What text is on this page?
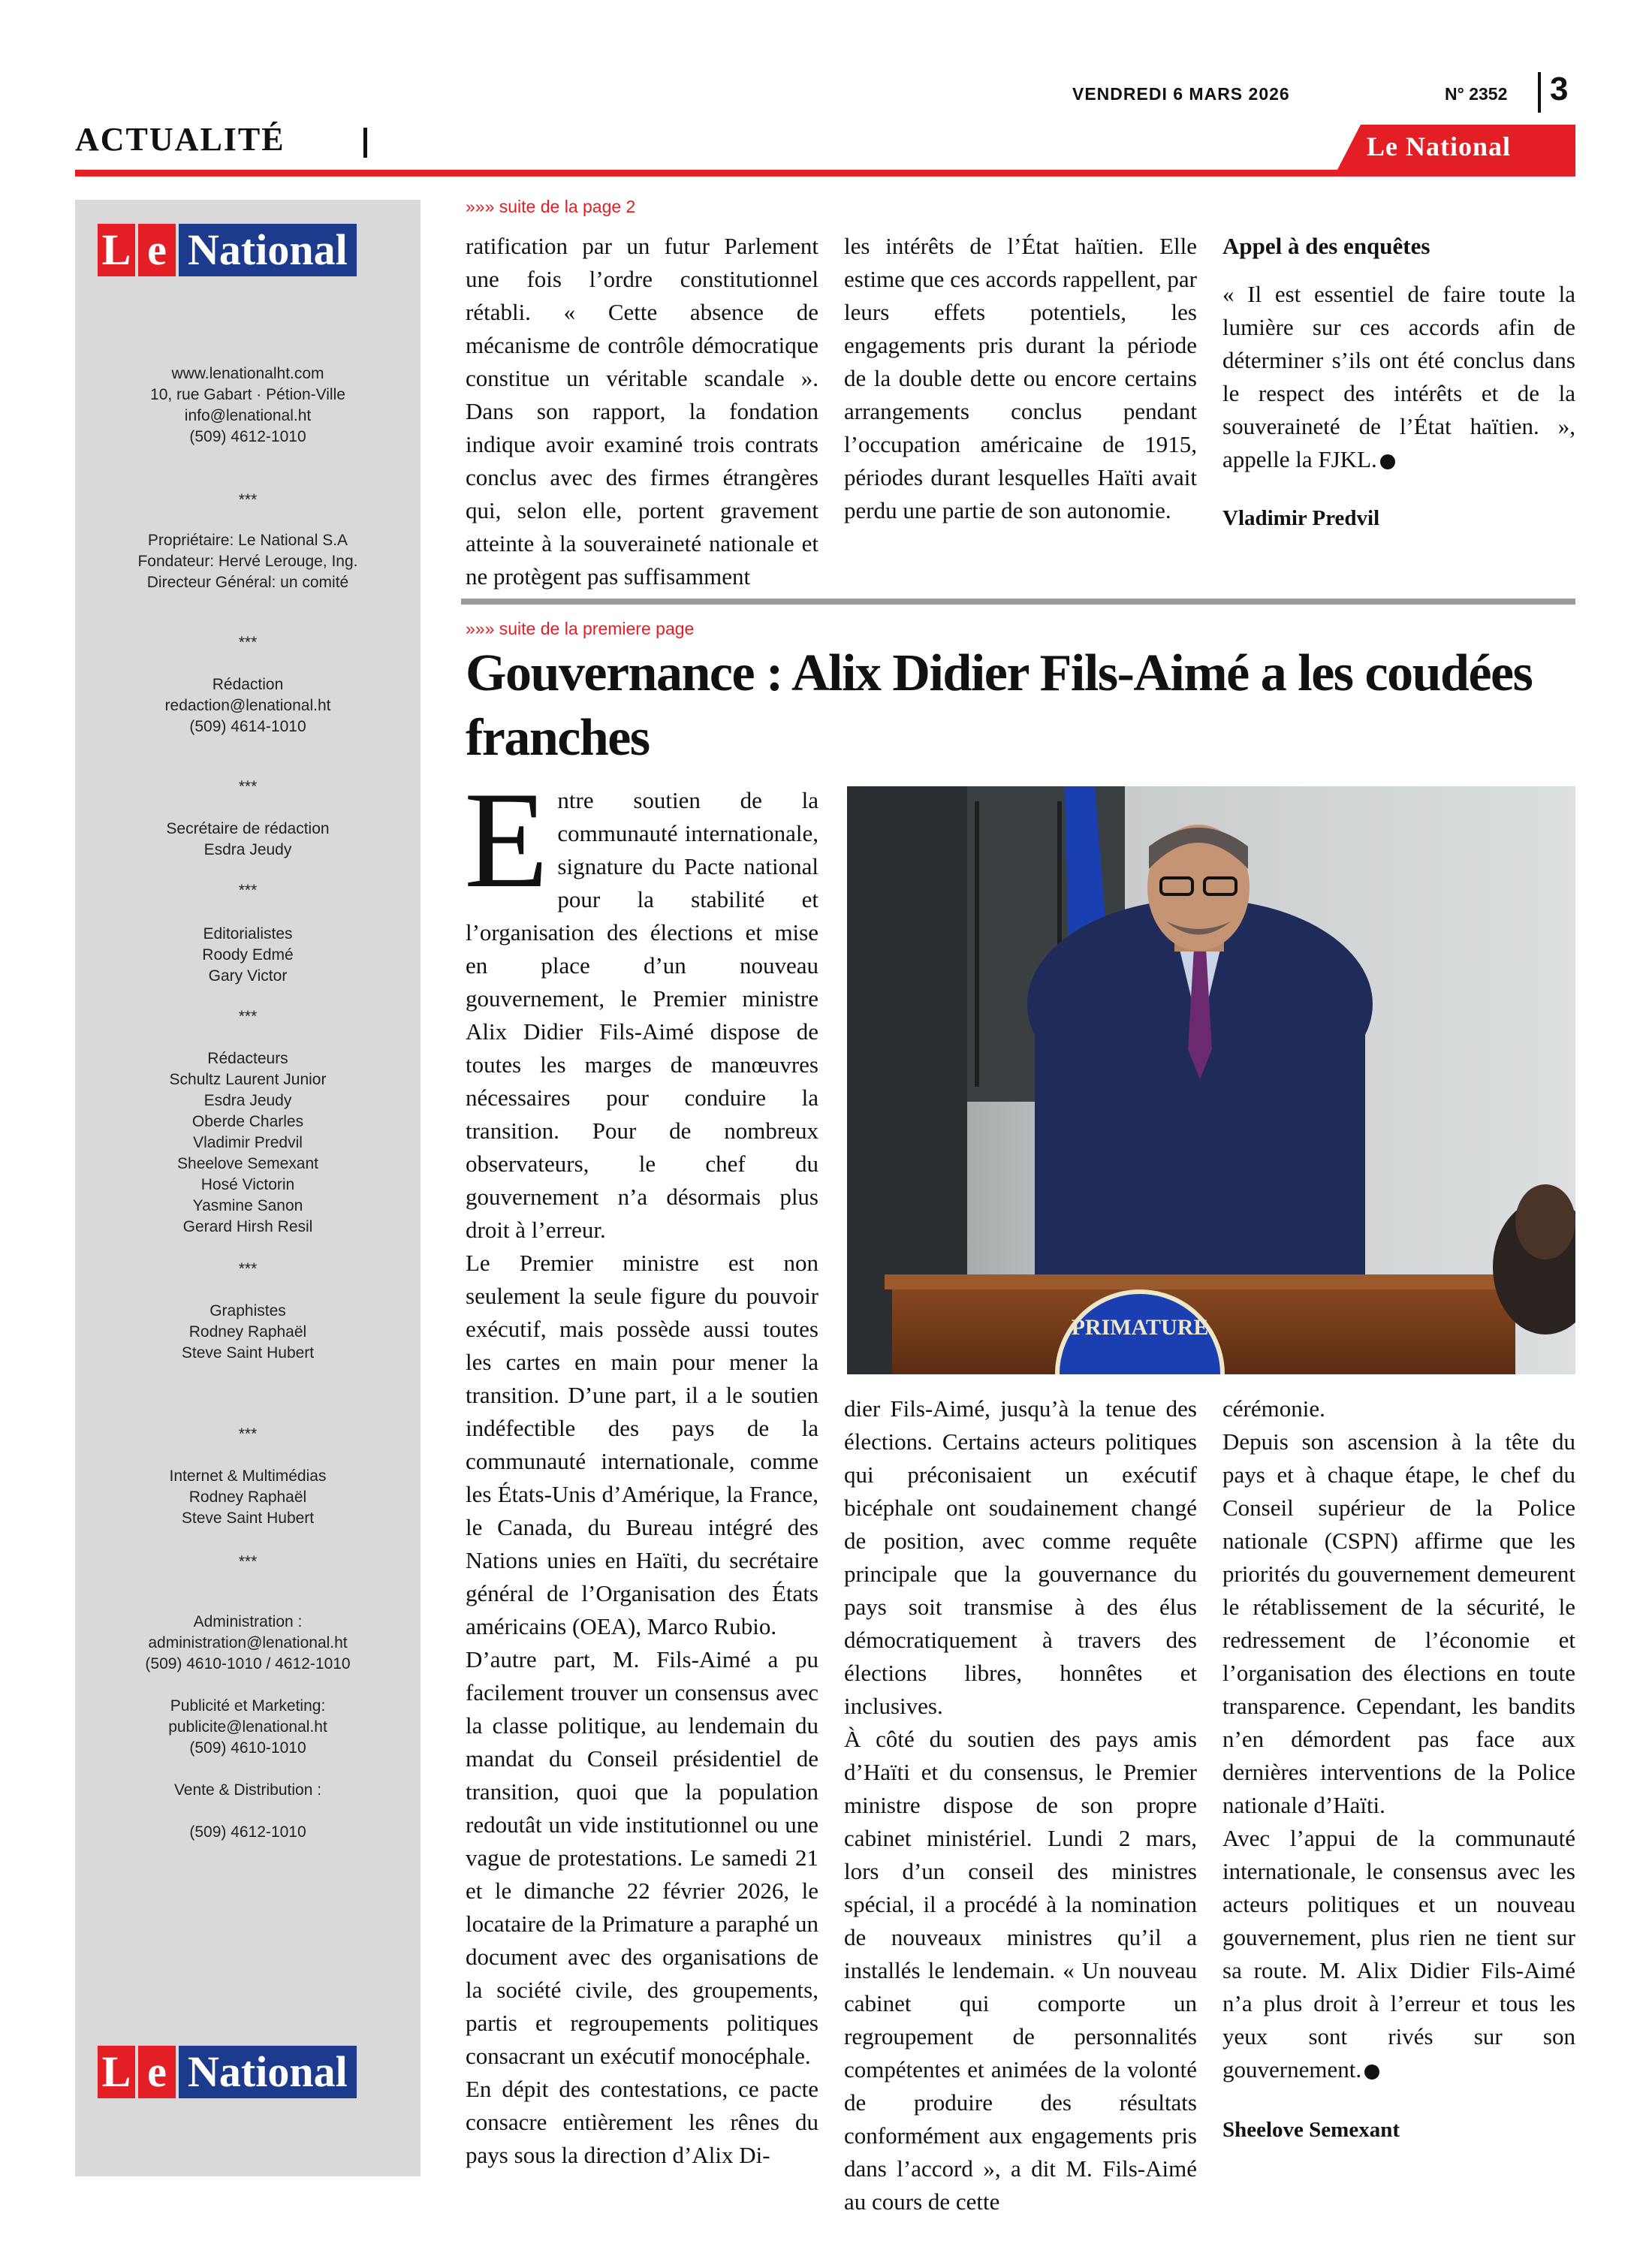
VENDREDI 6 MARS 2026	N° 2352 3
ACTUALITÉ	Le National
L e National

www.lenationalht.com

10, rue Gabart · Pétion-Ville

info@lenational.ht

(509) 4612-1010

***

Propriétaire: Le National S.A

Fondateur: Hervé Lerouge, Ing.

Directeur Général: un comité

***

Rédaction

redaction@lenational.ht

(509) 4614-1010

***

Secrétaire de rédaction

Esdra Jeudy

***

Editorialistes

Roody Edmé

Gary Victor

***

Rédacteurs

Schultz Laurent Junior

Esdra Jeudy

Oberde Charles

Vladimir Predvil

Sheelove Semexant

Hosé Victorin

Yasmine Sanon

Gerard Hirsh Resil

***

Graphistes

Rodney Raphaël

Steve Saint Hubert

***

Internet & Multimédias

Rodney Raphaël

Steve Saint Hubert

***

Administration :

administration@lenational.ht

(509) 4610-1010 / 4612-1010

Publicité et Marketing:

publicite@lenational.ht

(509) 4610-1010

Vente & Distribution :

(509) 4612-1010

L e National
»»» suite de la page 2

ratification par un futur Parlement une fois l’ordre constitutionnel rétabli. « Cette absence de mécanisme de contrôle démocratique constitue un véritable scandale ». Dans son rapport, la fondation indique avoir examiné trois contrats conclus avec des firmes étrangères qui, selon elle, portent gravement atteinte à la souveraineté nationale et ne protègent pas suffisamment

les intérêts de l’État haïtien. Elle estime que ces accords rappellent, par leurs effets potentiels, les engagements pris durant la période de la double dette ou encore certains arrangements conclus pendant l’occupation américaine de 1915, périodes durant lesquelles Haïti avait perdu une partie de son autonomie.

Appel à des enquêtes

« Il est essentiel de faire toute la lumière sur ces accords afin de déterminer s’ils ont été conclus dans le respect des intérêts et de la souveraineté de l’État haïtien. », appelle la FJKL.

Vladimir Predvil
»»» suite de la premiere page
Gouvernance : Alix Didier Fils-Aimé a les coudées franches

Entre soutien de la communauté internationale, signature du Pacte national pour la stabilité et l’organisation des élections et mise en place d’un nouveau gouvernement, le Premier ministre Alix Didier Fils-Aimé dispose de toutes les marges de manœuvres nécessaires pour conduire la transition. Pour de nombreux observateurs, le chef du gouvernement n’a désormais plus droit à l’erreur.

Le Premier ministre est non seulement la seule figure du pouvoir exécutif, mais possède aussi toutes les cartes en main pour mener la transition. D’une part, il a le soutien indéfectible des pays de la communauté internationale, comme les États-Unis d’Amérique, la France, le Canada, du Bureau intégré des Nations unies en Haïti, du secrétaire général de l’Organisation des États américains (OEA), Marco Rubio.

D’autre part, M. Fils-Aimé a pu facilement trouver un consensus avec la classe politique, au lendemain du mandat du Conseil présidentiel de transition, quoi que la population redoutât un vide institutionnel ou une vague de protestations. Le samedi 21 et le dimanche 22 février 2026, le locataire de la Primature a paraphé un document avec des organisations de la société civile, des groupements, partis et regroupements politiques consacrant un exécutif monocéphale.

En dépit des contestations, ce pacte consacre entièrement les rênes du pays sous la direction d’Alix Di-

PRIMATURE

dier Fils-Aimé, jusqu’à la tenue des élections. Certains acteurs politiques qui préconisaient un exécutif bicéphale ont soudainement changé de position, avec comme requête principale que la gouvernance du pays soit transmise à des élus démocratiquement à travers des élections libres, honnêtes et inclusives.

À côté du soutien des pays amis d’Haïti et du consensus, le Premier ministre dispose de son propre cabinet ministériel. Lundi 2 mars, lors d’un conseil des ministres spécial, il a procédé à la nomination de nouveaux ministres qu’il a installés le lendemain. « Un nouveau cabinet qui comporte un regroupement de personnalités compétentes et animées de la volonté de produire des résultats conformément aux engagements pris dans l’accord », a dit M. Fils-Aimé au cours de cette

cérémonie.

Depuis son ascension à la tête du pays et à chaque étape, le chef du Conseil supérieur de la Police nationale (CSPN) affirme que les priorités du gouvernement demeurent le rétablissement de la sécurité, le redressement de l’économie et l’organisation des élections en toute transparence. Cependant, les bandits n’en démordent pas face aux dernières interventions de la Police nationale d’Haïti.

Avec l’appui de la communauté internationale, le consensus avec les acteurs politiques et un nouveau gouvernement, plus rien ne tient sur sa route. M. Alix Didier Fils-Aimé n’a plus droit à l’erreur et tous les yeux sont rivés sur son gouvernement.

Sheelove Semexant
